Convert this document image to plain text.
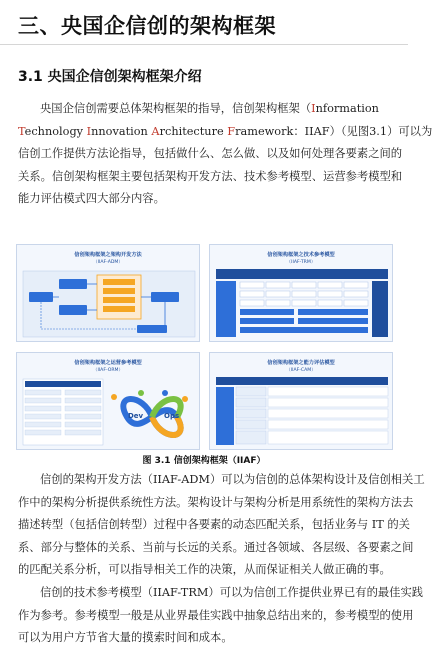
三、央国企信创的架构框架
3.1 央国企信创架构框架介绍
央国企信创需要总体架构框架的指导，信创架构框架（Information
Technology Innovation Architecture Framework：IIAF）（见图3.1）可以为
信创工作提供方法论指导，包括做什么、怎么做、以及如何处理各要素之间的
关系。信创架构框架主要包括架构开发方法、技术参考模型、运营参考模型和
能力评估模式四大部分内容。
信创架构框架之架构开发方法
（IIAF-ADM）
信创架构框架之技术参考模型
（IIAF-TRM）
信创架构框架之运营参考模型
（IIAF-ORM）
Dev	Ops
信创架构框架之能力评估模型
（IIAF-CAM）
图 3.1 信创架构框架（IIAF）
信创的架构开发方法（IIAF-ADM）可以为信创的总体架构设计及信创相关工
作中的架构分析提供系统性方法。架构设计与架构分析是用系统性的架构方法去
描述转型（包括信创转型）过程中各要素的动态匹配关系，包括业务与 IT 的关
系、部分与整体的关系、当前与长远的关系。通过各领域、各层级、各要素之间
的匹配关系分析，可以指导相关工作的决策，从而保证相关人做正确的事。
信创的技术参考模型（IIAF-TRM）可以为信创工作提供业界已有的最佳实践
作为参考。参考模型一般是从业界最佳实践中抽象总结出来的，参考模型的使用
可以为用户方节省大量的摸索时间和成本。
